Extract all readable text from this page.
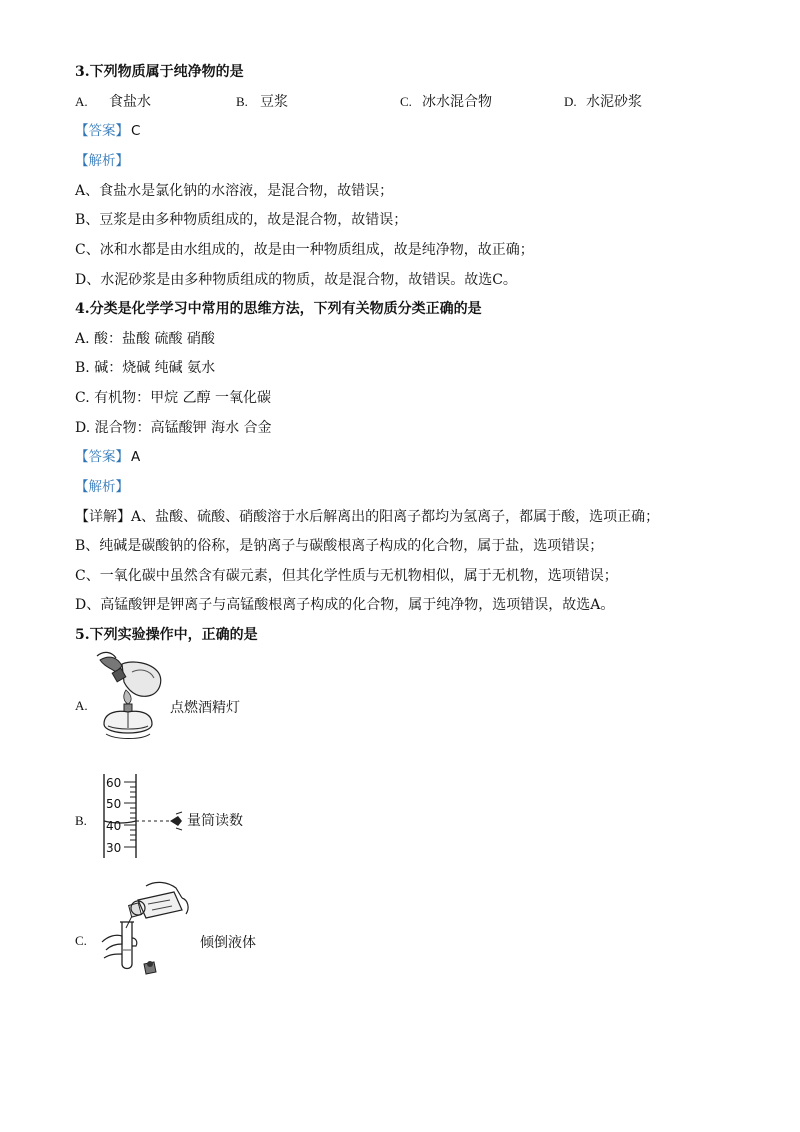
3.下列物质属于纯净物的是
A. 食盐水	B. 豆浆	C. 冰水混合物	D. 水泥砂浆
【答案】 C
【解析】
A、食盐水是氯化钠的水溶液，是混合物，故错误；
B、豆浆是由多种物质组成的，故是混合物，故错误；
C、冰和水都是由水组成的，故是由一种物质组成，故是纯净物，故正确；
D、水泥砂浆是由多种物质组成的物质，故是混合物，故错误。故选C。
4.分类是化学学习中常用的思维方法，下列有关物质分类正确的是
A. 酸：盐酸 硫酸 硝酸
B. 碱：烧碱 纯碱 氨水
C. 有机物：甲烷 乙醇 一氧化碳
D. 混合物：高锰酸钾 海水 合金
【答案】 A
【解析】
【详解】A、盐酸、硫酸、硝酸溶于水后解离出的阳离子都均为氢离子，都属于酸，选项正确；
B、纯碱是碳酸钠的俗称，是钠离子与碳酸根离子构成的化合物，属于盐，选项错误；
C、一氧化碳中虽然含有碳元素，但其化学性质与无机物相似，属于无机物，选项错误；
D、高锰酸钾是钾离子与高锰酸根离子构成的化合物，属于纯净物，选项错误，故选A。
5.下列实验操作中，正确的是
A.	点燃酒精灯
B.
60
50
40
30
量筒读数
C.	倾倒液体
